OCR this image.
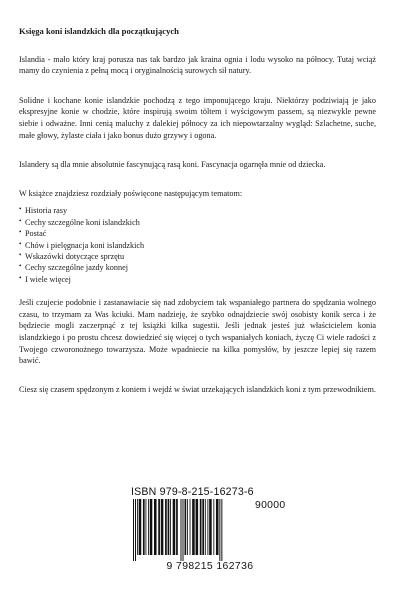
Księga koni islandzkich dla początkujących

Islandia - mało który kraj porusza nas tak bardzo jak kraina ognia i lodu wysoko na północy. Tutaj wciąż mamy do czynienia z pełną mocą i oryginalnością surowych sił natury.

Solidne i kochane konie islandzkie pochodzą z tego imponującego kraju. Niektórzy podziwiają je jako ekspresyjne konie w chodzie, które inspirują swoim töltem i wyścigowym passem, są niezwykle pewne siebie i odważne. Inni cenią maluchy z dalekiej północy za ich niepowtarzalny wygląd: Szlachetne, suche, małe głowy, żylaste ciała i jako bonus dużo grzywy i ogona.

Islandery są dla mnie absolutnie fascynującą rasą koni. Fascynacja ogarnęła mnie od dziecka.

W książce znajdziesz rozdziały poświęcone następującym tematom:

• Historia rasy
• Cechy szczególne koni islandzkich
• Postać
• Chów i pielęgnacja koni islandzkich
• Wskazówki dotyczące sprzętu
• Cechy szczególne jazdy konnej
• I wiele więcej

Jeśli czujecie podobnie i zastanawiacie się nad zdobyciem tak wspaniałego partnera do spędzania wolnego czasu, to trzymam za Was kciuki. Mam nadzieję, że szybko odnajdziecie swój osobisty konik serca i że będziecie mogli zaczerpnąć z tej książki kilka sugestii. Jeśli jednak jesteś już właścicielem konia islandzkiego i po prostu chcesz dowiedzieć się więcej o tych wspaniałych koniach, życzę Ci wiele radości z Twojego czworonożnego towarzysza. Może wpadniecie na kilka pomysłów, by jeszcze lepiej się razem bawić.

Ciesz się czasem spędzonym z koniem i wejdź w świat urzekających islandzkich koni z tym przewodnikiem.

ISBN 979-8-215-16273-6
90000
9 798215 162736
